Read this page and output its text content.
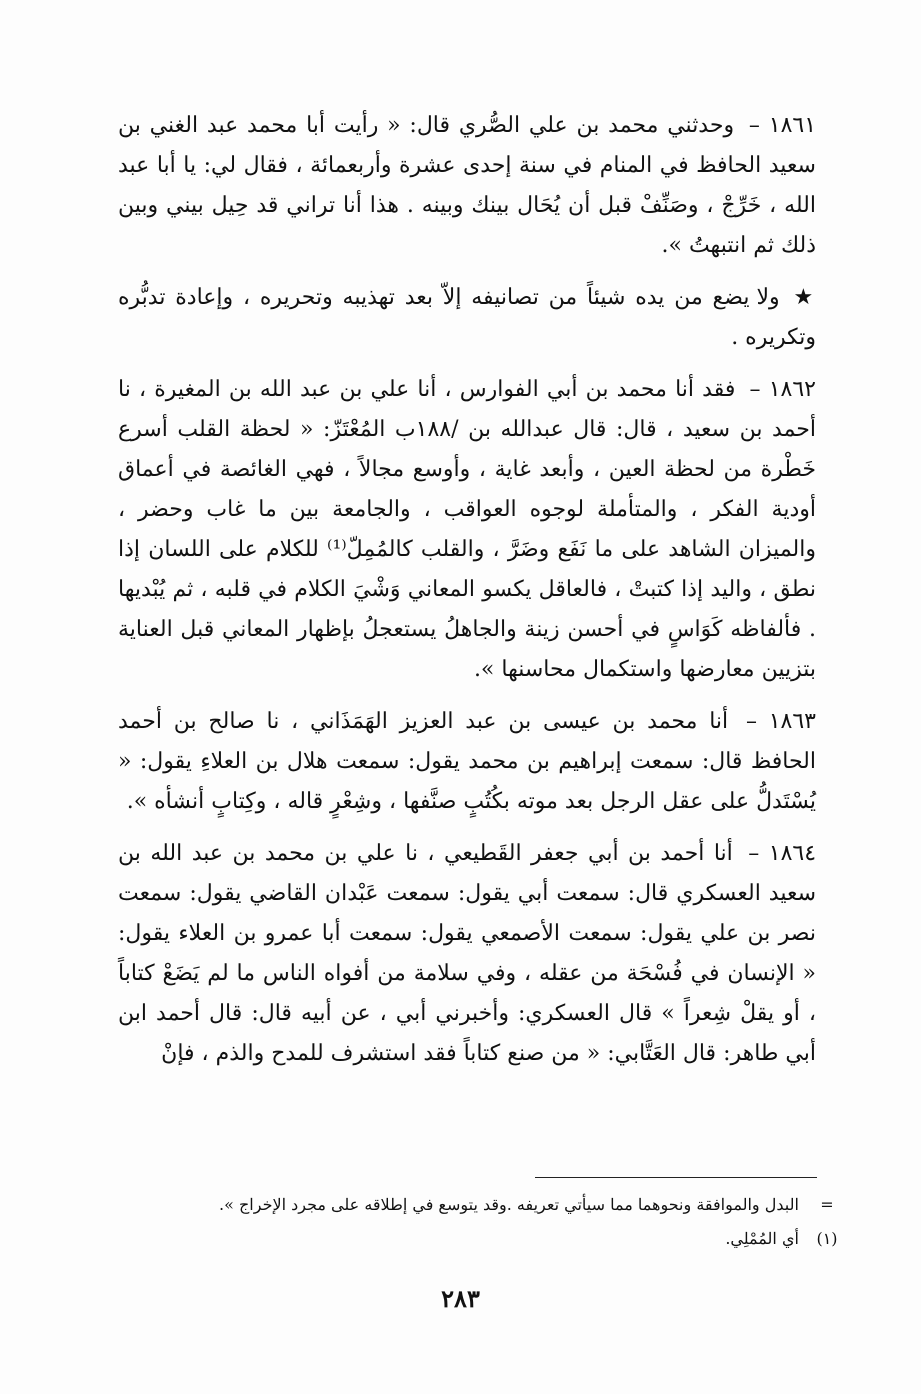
١٨٦١ – وحدثني محمد بن علي الصُّري قال: « رأيت أبا محمد عبد الغني بن سعيد الحافظ في المنام في سنة إحدى عشرة وأربعمائة ، فقال لي: يا أبا عبد الله ، خَرِّجْ ، وصَنِّفْ قبل أن يُحَال بينك وبينه . هذا أنا تراني قد حِيل بيني وبين ذلك ثم انتبهتُ ».

★ ولا يضع من يده شيئاً من تصانيفه إلاّ بعد تهذيبه وتحريره ، وإعادة تدبُّره وتكريره .

١٨٦٢ – فقد أنا محمد بن أبي الفوارس ، أنا علي بن عبد الله بن المغيرة ، نا أحمد بن سعيد ، قال: قال عبدالله بن /١٨٨ب المُعْتَزّ: « لحظة القلب أسرع خَطْرة من لحظة العين ، وأبعد غاية ، وأوسع مجالاً ، فهي الغائصة في أعماق أودية الفكر ، والمتأملة لوجوه العواقب ، والجامعة بين ما غاب وحضر ، والميزان الشاهد على ما نَفَع وضَرَّ ، والقلب كالمُمِلّ⁽¹⁾ للكلام على اللسان إذا نطق ، واليد إذا كتبتْ ، فالعاقل يكسو المعاني وَشْيَ الكلام في قلبه ، ثم يُبْديها . فألفاظه كَوَاسٍ في أحسن زينة والجاهلُ يستعجلُ بإظهار المعاني قبل العناية بتزيين معارضها واستكمال محاسنها ».

١٨٦٣ – أنا محمد بن عيسى بن عبد العزيز الهَمَذَاني ، نا صالح بن أحمد الحافظ قال: سمعت إبراهيم بن محمد يقول: سمعت هلال بن العلاءِ يقول: « يُسْتَدلُّ على عقل الرجل بعد موته بكُتُبٍ صنَّفها ، وشِعْرٍ قاله ، وكِتابٍ أنشأه ».

١٨٦٤ – أنا أحمد بن أبي جعفر القَطيعي ، نا علي بن محمد بن عبد الله بن سعيد العسكري قال: سمعت أبي يقول: سمعت عَبْدان القاضي يقول: سمعت نصر بن علي يقول: سمعت الأصمعي يقول: سمعت أبا عمرو بن العلاء يقول: « الإنسان في فُسْحَة من عقله ، وفي سلامة من أفواه الناس ما لم يَضَعْ كتاباً ، أو يقلْ شِعراً » قال العسكري: وأخبرني أبي ، عن أبيه قال: قال أحمد ابن أبي طاهر: قال العَتَّابي: « من صنع كتاباً فقد استشرف للمدح والذم ، فإنْ

= البدل والموافقة ونحوهما مما سيأتي تعريفه .وقد يتوسع في إطلاقه على مجرد الإخراج ».
(١) أي المُمْلِي.
٢٨٣
